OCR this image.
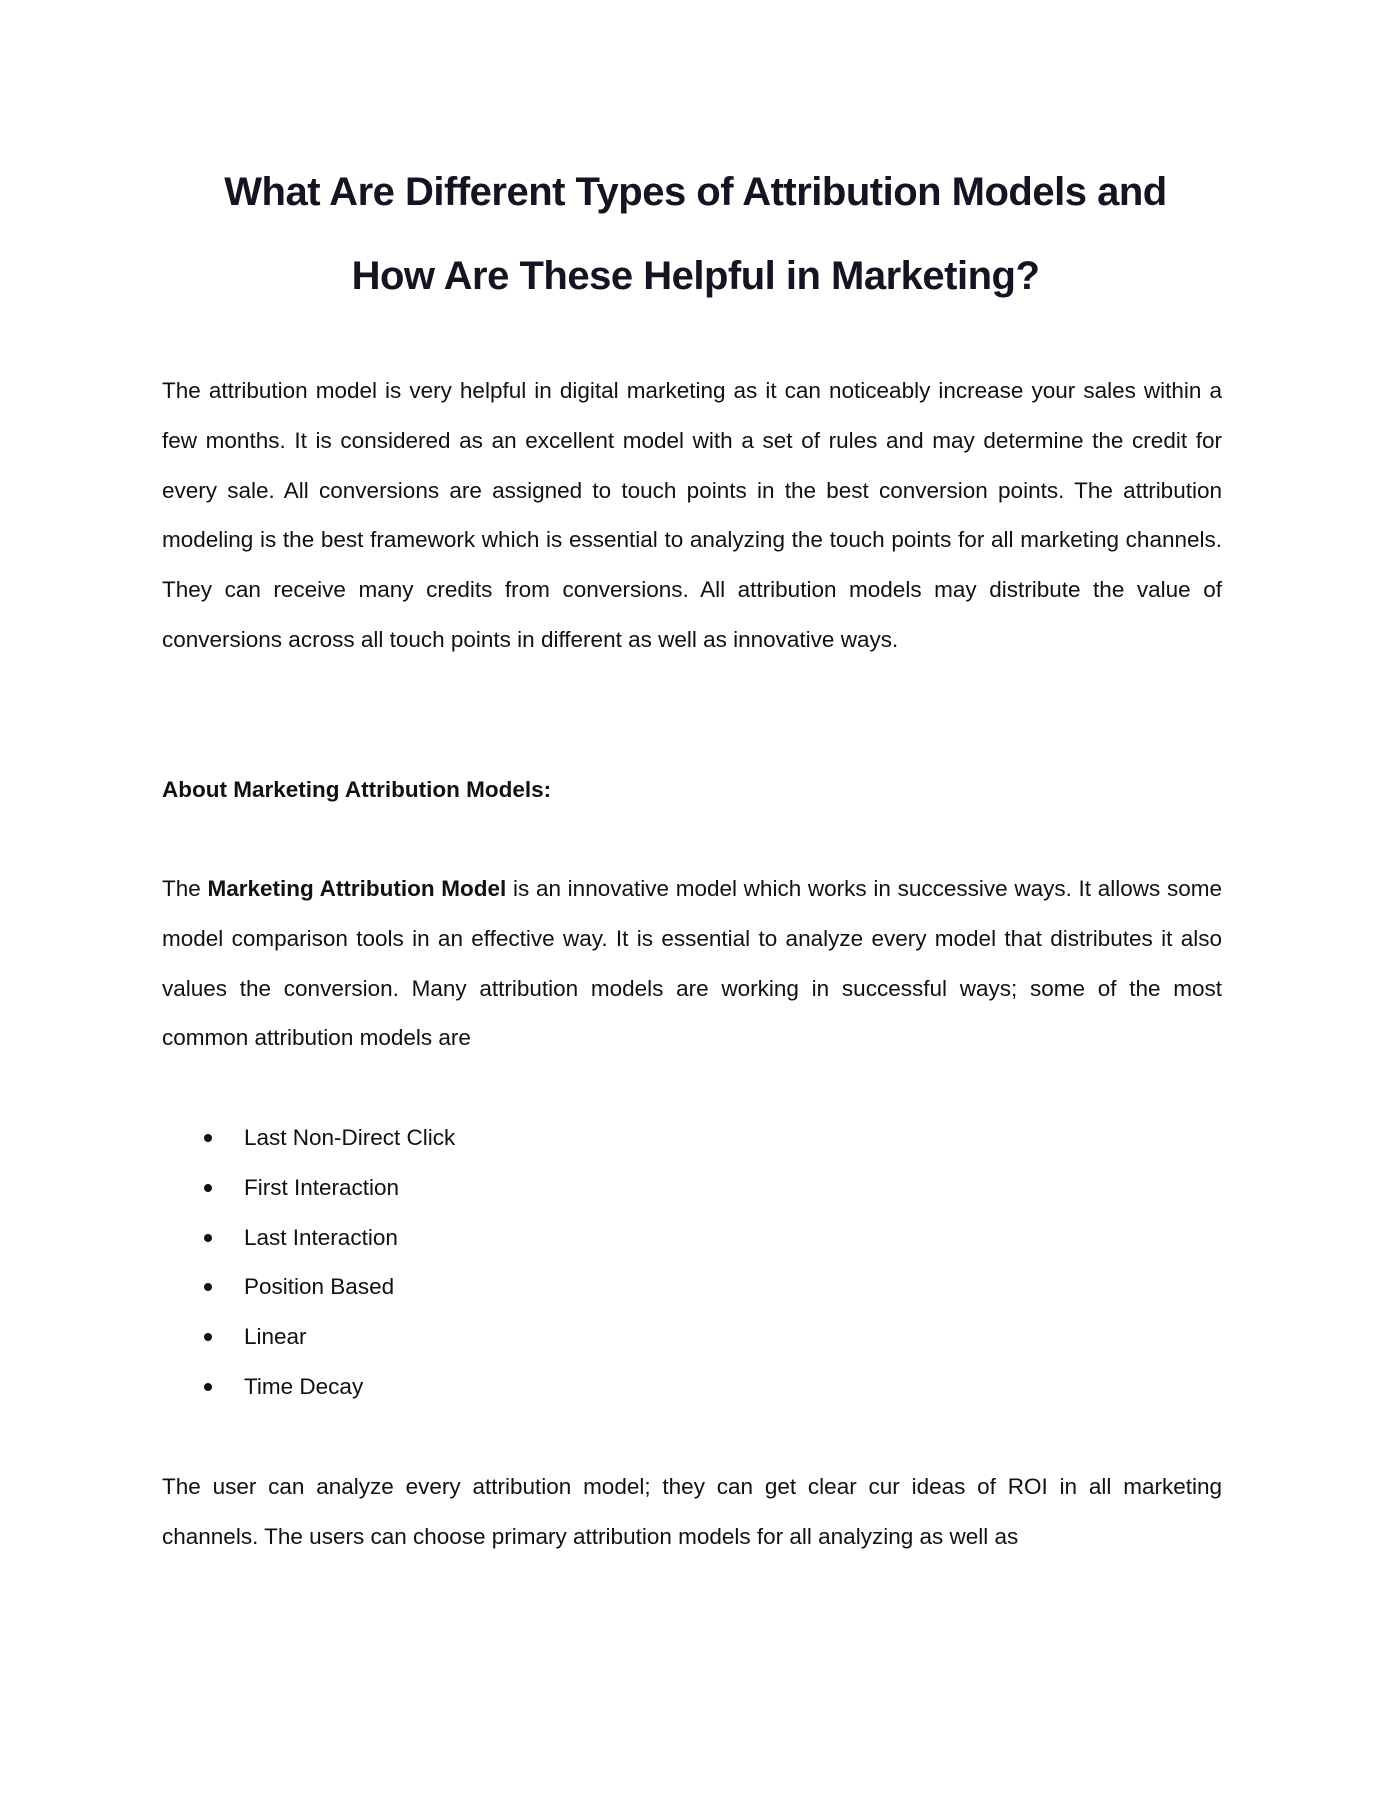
What Are Different Types of Attribution Models and
How Are These Helpful in Marketing?

The attribution model is very helpful in digital marketing as it can noticeably increase your sales within a few months. It is considered as an excellent model with a set of rules and may determine the credit for every sale. All conversions are assigned to touch points in the best conversion points. The attribution modeling is the best framework which is essential to analyzing the touch points for all marketing channels. They can receive many credits from conversions. All attribution models may distribute the value of conversions across all touch points in different as well as innovative ways.

About Marketing Attribution Models:

The Marketing Attribution Model is an innovative model which works in successive ways. It allows some model comparison tools in an effective way. It is essential to analyze every model that distributes it also values the conversion. Many attribution models are working in successful ways; some of the most common attribution models are

Last Non-Direct Click
First Interaction
Last Interaction
Position Based
Linear
Time Decay

The user can analyze every attribution model; they can get clear cur ideas of ROI in all marketing channels. The users can choose primary attribution models for all analyzing as well as
